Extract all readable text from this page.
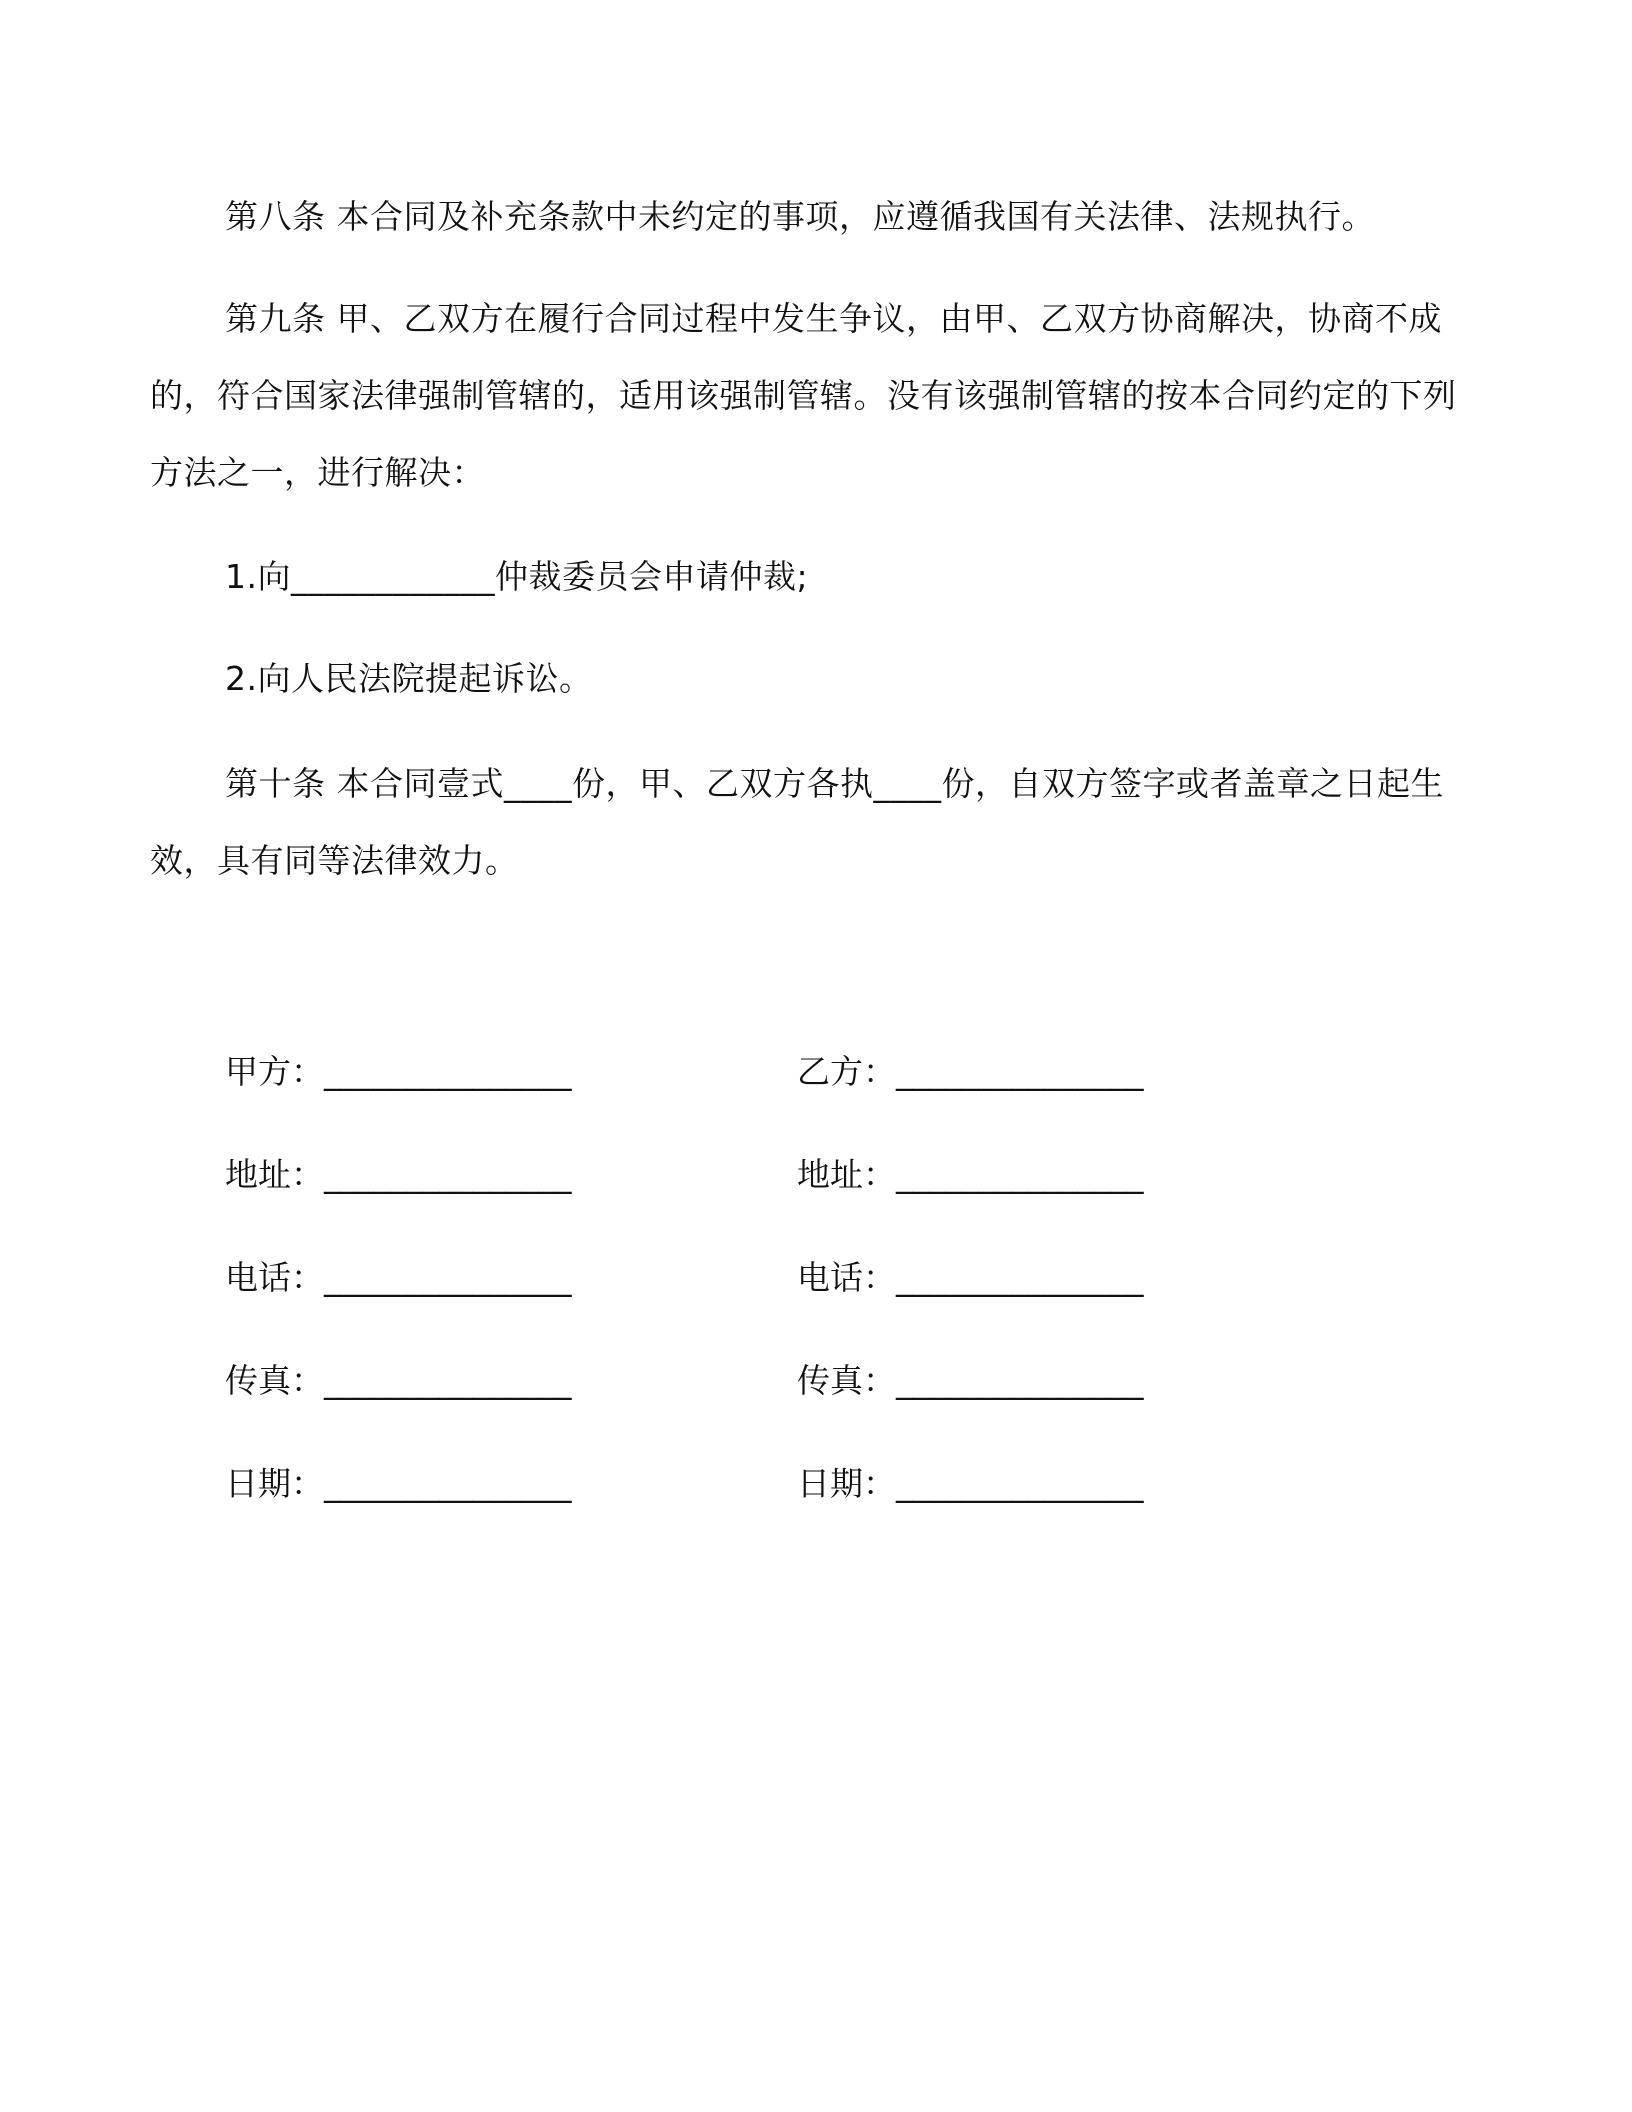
第八条 本合同及补充条款中未约定的事项，应遵循我国有关法律、法规执行。
第九条 甲、乙双方在履行合同过程中发生争议，由甲、乙双方协商解决，协商不成的，符合国家法律强制管辖的，适用该强制管辖。没有该强制管辖的按本合同约定的下列方法之一，进行解决：
1.向____________仲裁委员会申请仲裁;
2.向人民法院提起诉讼。
第十条 本合同壹式____份，甲、乙双方各执____份，自双方签字或者盖章之日起生效，具有同等法律效力。
甲方：_______________
地址：_______________
电话：_______________
传真：_______________
日期：_______________
乙方：_______________
地址：_______________
电话：_______________
传真：_______________
日期：_______________
